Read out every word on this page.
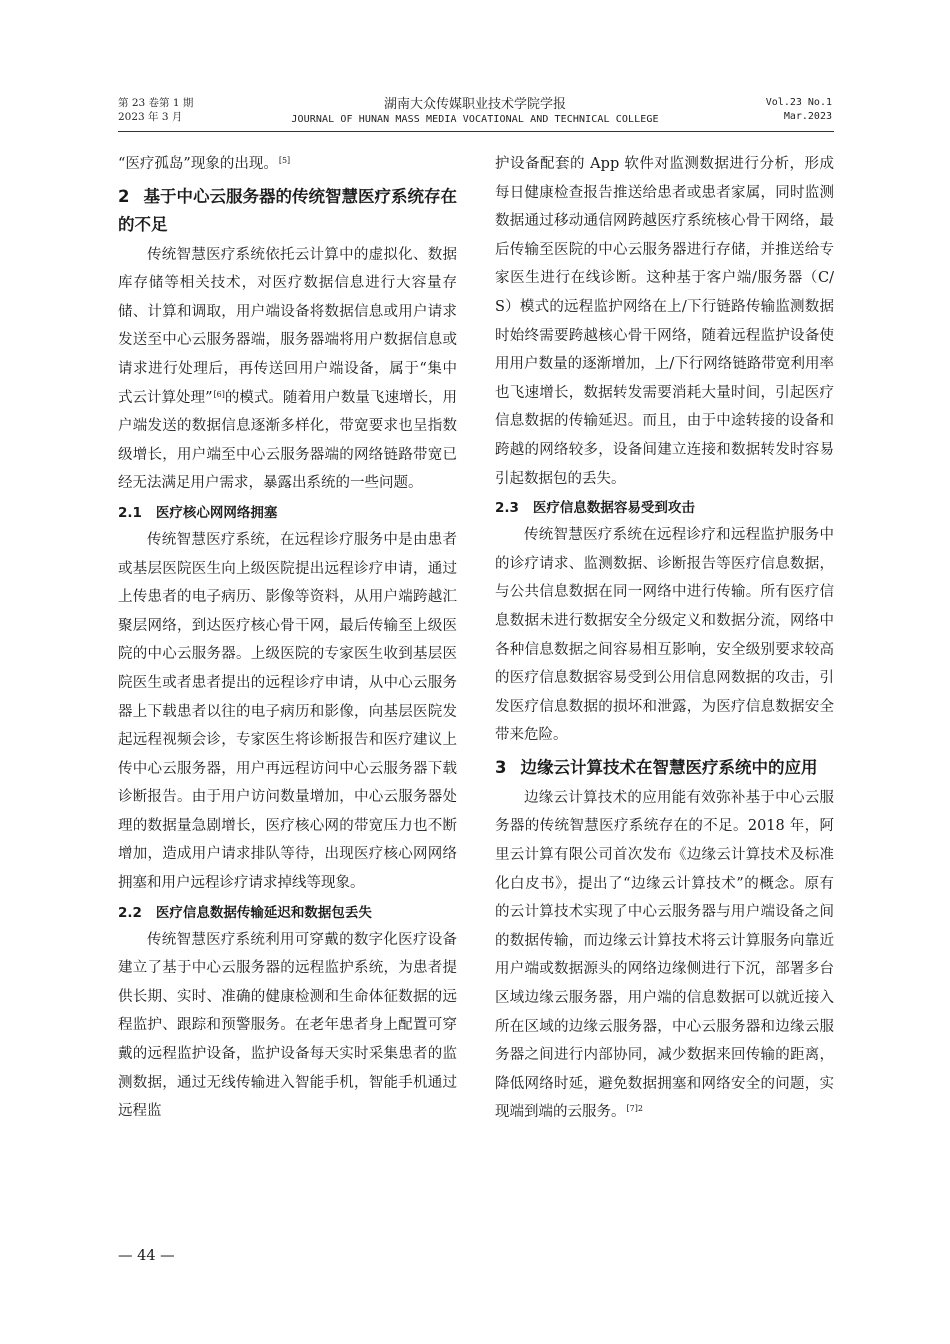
第 23 卷第 1 期
2023 年 3 月
湖南大众传媒职业技术学院学报
JOURNAL OF HUNAN MASS MEDIA VOCATIONAL AND TECHNICAL COLLEGE
Vol.23 No.1
Mar.2023

“医疗孤岛”现象的出现。[5]

2 基于中心云服务器的传统智慧医疗系统存在的不足

传统智慧医疗系统依托云计算中的虚拟化、数据库存储等相关技术，对医疗数据信息进行大容量存储、计算和调取，用户端设备将数据信息或用户请求发送至中心云服务器端，服务器端将用户数据信息或请求进行处理后，再传送回用户端设备，属于“集中式云计算处理”[6]的模式。随着用户数量飞速增长，用户端发送的数据信息逐渐多样化，带宽要求也呈指数级增长，用户端至中心云服务器端的网络链路带宽已经无法满足用户需求，暴露出系统的一些问题。

2.1 医疗核心网网络拥塞

传统智慧医疗系统，在远程诊疗服务中是由患者或基层医院医生向上级医院提出远程诊疗申请，通过上传患者的电子病历、影像等资料，从用户端跨越汇聚层网络，到达医疗核心骨干网，最后传输至上级医院的中心云服务器。上级医院的专家医生收到基层医院医生或者患者提出的远程诊疗申请，从中心云服务器上下载患者以往的电子病历和影像，向基层医院发起远程视频会诊，专家医生将诊断报告和医疗建议上传中心云服务器，用户再远程访问中心云服务器下载诊断报告。由于用户访问数量增加，中心云服务器处理的数据量急剧增长，医疗核心网的带宽压力也不断增加，造成用户请求排队等待，出现医疗核心网网络拥塞和用户远程诊疗请求掉线等现象。

2.2 医疗信息数据传输延迟和数据包丢失

传统智慧医疗系统利用可穿戴的数字化医疗设备建立了基于中心云服务器的远程监护系统，为患者提供长期、实时、准确的健康检测和生命体征数据的远程监护、跟踪和预警服务。在老年患者身上配置可穿戴的远程监护设备，监护设备每天实时采集患者的监测数据，通过无线传输进入智能手机，智能手机通过远程监

护设备配套的 App 软件对监测数据进行分析，形成每日健康检查报告推送给患者或患者家属，同时监测数据通过移动通信网跨越医疗系统核心骨干网络，最后传输至医院的中心云服务器进行存储，并推送给专家医生进行在线诊断。这种基于客户端/服务器（C/S）模式的远程监护网络在上/下行链路传输监测数据时始终需要跨越核心骨干网络，随着远程监护设备使用用户数量的逐渐增加，上/下行网络链路带宽利用率也飞速增长，数据转发需要消耗大量时间，引起医疗信息数据的传输延迟。而且，由于中途转接的设备和跨越的网络较多，设备间建立连接和数据转发时容易引起数据包的丢失。

2.3 医疗信息数据容易受到攻击

传统智慧医疗系统在远程诊疗和远程监护服务中的诊疗请求、监测数据、诊断报告等医疗信息数据，与公共信息数据在同一网络中进行传输。所有医疗信息数据未进行数据安全分级定义和数据分流，网络中各种信息数据之间容易相互影响，安全级别要求较高的医疗信息数据容易受到公用信息网数据的攻击，引发医疗信息数据的损坏和泄露，为医疗信息数据安全带来危险。

3 边缘云计算技术在智慧医疗系统中的应用

边缘云计算技术的应用能有效弥补基于中心云服务器的传统智慧医疗系统存在的不足。2018 年，阿里云计算有限公司首次发布《边缘云计算技术及标准化白皮书》，提出了“边缘云计算技术”的概念。原有的云计算技术实现了中心云服务器与用户端设备之间的数据传输，而边缘云计算技术将云计算服务向靠近用户端或数据源头的网络边缘侧进行下沉，部署多台区域边缘云服务器，用户端的信息数据可以就近接入所在区域的边缘云服务器，中心云服务器和边缘云服务器之间进行内部协同，减少数据来回传输的距离，降低网络时延，避免数据拥塞和网络安全的问题，实现端到端的云服务。$^{[7]2}$

— 44 —
